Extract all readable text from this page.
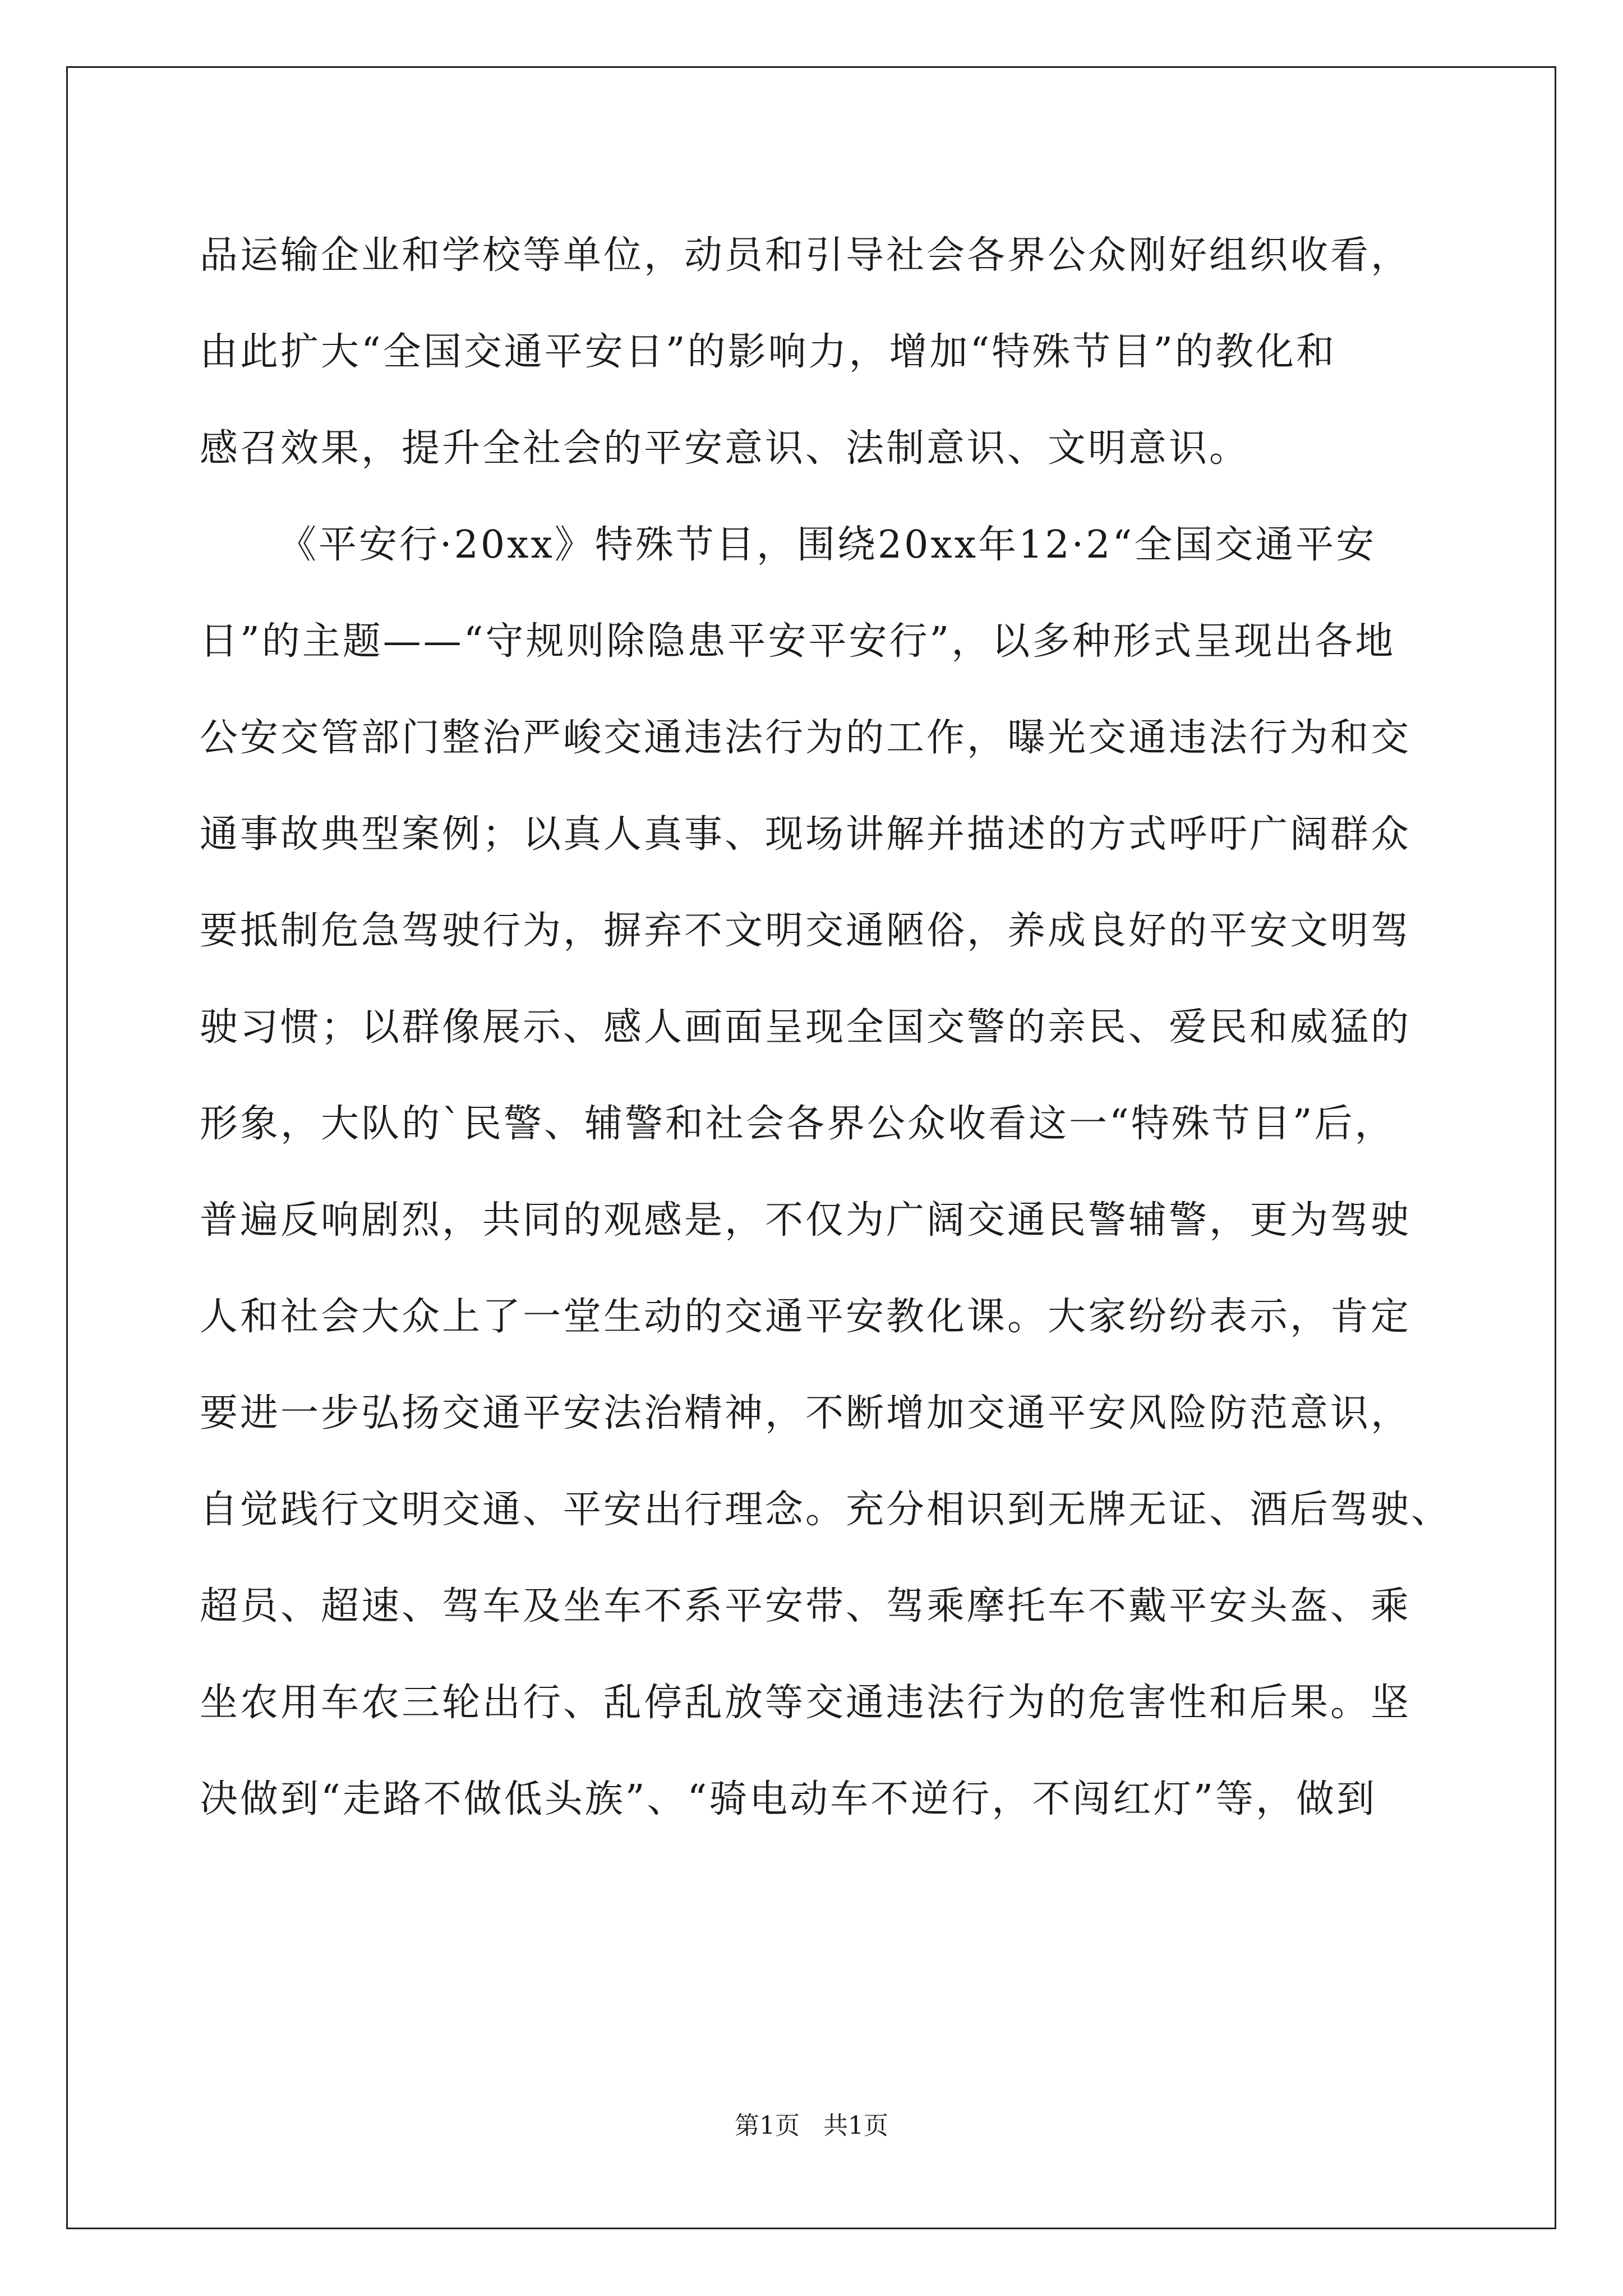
品运输企业和学校等单位，动员和引导社会各界公众刚好组织收看，
由此扩大“全国交通平安日”的影响力，增加“特殊节目”的教化和
感召效果，提升全社会的平安意识、法制意识、文明意识。
《平安行·20xx》特殊节目，围绕20xx年12·2“全国交通平安
日”的主题——“守规则除隐患平安平安行”，以多种形式呈现出各地
公安交管部门整治严峻交通违法行为的工作，曝光交通违法行为和交
通事故典型案例；以真人真事、现场讲解并描述的方式呼吁广阔群众
要抵制危急驾驶行为，摒弃不文明交通陋俗，养成良好的平安文明驾
驶习惯；以群像展示、感人画面呈现全国交警的亲民、爱民和威猛的
形象，大队的`民警、辅警和社会各界公众收看这一“特殊节目”后，
普遍反响剧烈，共同的观感是，不仅为广阔交通民警辅警，更为驾驶
人和社会大众上了一堂生动的交通平安教化课。大家纷纷表示，肯定
要进一步弘扬交通平安法治精神，不断增加交通平安风险防范意识，
自觉践行文明交通、平安出行理念。充分相识到无牌无证、酒后驾驶、
超员、超速、驾车及坐车不系平安带、驾乘摩托车不戴平安头盔、乘
坐农用车农三轮出行、乱停乱放等交通违法行为的危害性和后果。坚
决做到“走路不做低头族”、“骑电动车不逆行，不闯红灯”等，做到
第1页   共1页
